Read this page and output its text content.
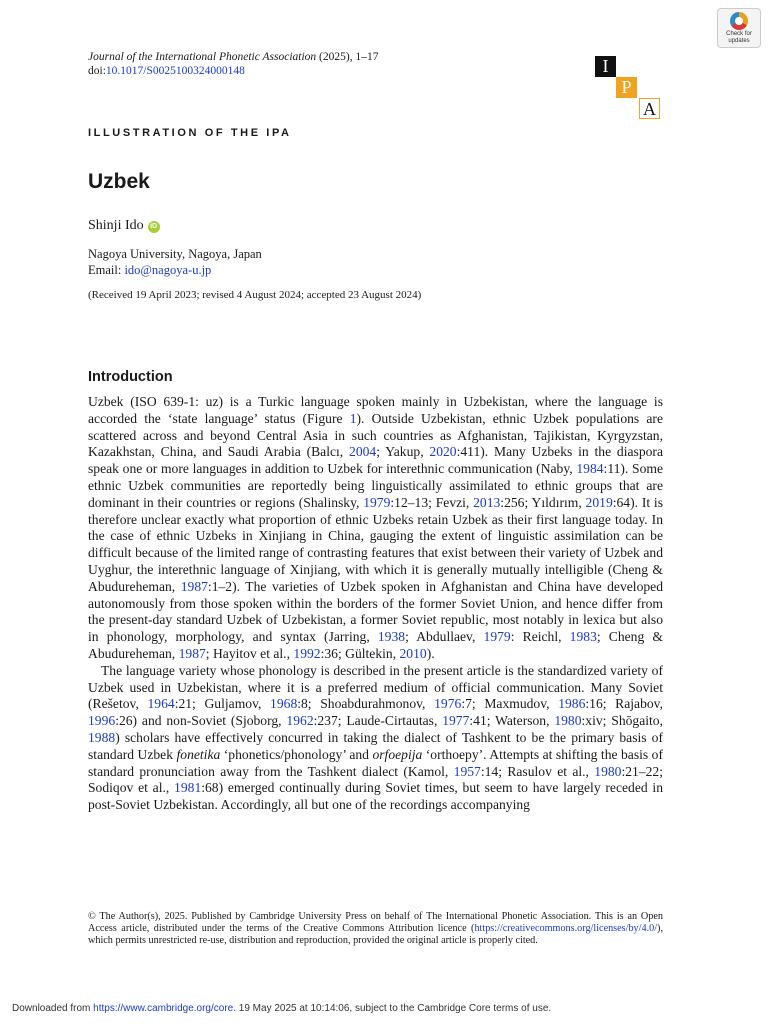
Journal of the International Phonetic Association (2025), 1–17
doi:10.1017/S0025100324000148
Check for
updates
I
P
A
ILLUSTRATION OF THE IPA
Uzbek
Shinji Ido iD
Nagoya University, Nagoya, Japan
Email: ido@nagoya-u.jp
(Received 19 April 2023; revised 4 August 2024; accepted 23 August 2024)
Introduction

Uzbek (ISO 639-1: uz) is a Turkic language spoken mainly in Uzbekistan, where the language is accorded the ‘state language’ status (Figure 1). Outside Uzbekistan, ethnic Uzbek populations are scattered across and beyond Central Asia in such countries as Afghanistan, Tajikistan, Kyrgyzstan, Kazakhstan, China, and Saudi Arabia (Balcı, 2004; Yakup, 2020:411). Many Uzbeks in the diaspora speak one or more languages in addition to Uzbek for interethnic communication (Naby, 1984:11). Some ethnic Uzbek communities are reportedly being linguistically assimilated to ethnic groups that are dominant in their countries or regions (Shalinsky, 1979:12–13; Fevzi, 2013:256; Yıldırım, 2019:64). It is therefore unclear exactly what proportion of ethnic Uzbeks retain Uzbek as their first language today. In the case of ethnic Uzbeks in Xinjiang in China, gauging the extent of linguistic assimilation can be difficult because of the limited range of contrasting features that exist between their variety of Uzbek and Uyghur, the interethnic language of Xinjiang, with which it is generally mutually intelligible (Cheng & Abudureheman, 1987:1–2). The varieties of Uzbek spoken in Afghanistan and China have developed autonomously from those spoken within the borders of the former Soviet Union, and hence differ from the present-day standard Uzbek of Uzbekistan, a former Soviet republic, most notably in lexica but also in phonology, morphology, and syntax (Jarring, 1938; Abdullaev, 1979: Reichl, 1983; Cheng & Abudureheman, 1987; Hayitov et al., 1992:36; Gültekin, 2010).

The language variety whose phonology is described in the present article is the standardized variety of Uzbek used in Uzbekistan, where it is a preferred medium of official communication. Many Soviet (Rešetov, 1964:21; Guljamov, 1968:8; Shoabdurahmonov, 1976:7; Maxmudov, 1986:16; Rajabov, 1996:26) and non-Soviet (Sjoborg, 1962:237; Laude-Cirtautas, 1977:41; Waterson, 1980:xiv; Shōgaito, 1988) scholars have effectively concurred in taking the dialect of Tashkent to be the primary basis of standard Uzbek fonetika ‘phonetics/phonology’ and orfoepija ‘orthoepy’. Attempts at shifting the basis of standard pronunciation away from the Tashkent dialect (Kamol, 1957:14; Rasulov et al., 1980:21–22; Sodiqov et al., 1981:68) emerged continually during Soviet times, but seem to have largely receded in post-Soviet Uzbekistan. Accordingly, all but one of the recordings accompanying

© The Author(s), 2025. Published by Cambridge University Press on behalf of The International Phonetic Association. This is an Open Access article, distributed under the terms of the Creative Commons Attribution licence (https://creativecommons.org/licenses/by/4.0/), which permits unrestricted re-use, distribution and reproduction, provided the original article is properly cited.
Downloaded from https://www.cambridge.org/core. 19 May 2025 at 10:14:06, subject to the Cambridge Core terms of use.
